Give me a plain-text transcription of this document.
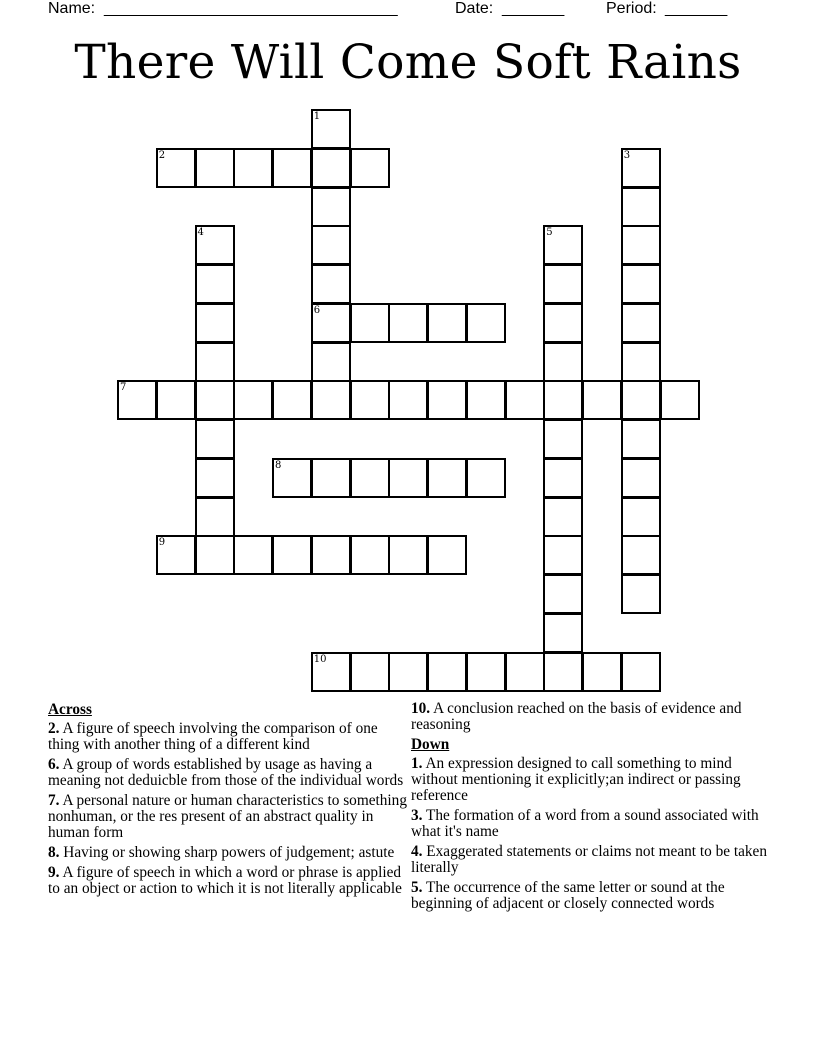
Name: _________________________________	Date: _______	Period: _______
There Will Come Soft Rains
1
6
2	3
4	5
7
8
9
10
Across
2. A figure of speech involving the comparison of one thing with another thing of a different kind
6. A group of words established by usage as having a meaning not deduicble from those of the individual words
7. A personal nature or human characteristics to something nonhuman, or the res present of an abstract quality in human form
8. Having or showing sharp powers of judgement; astute
9. A figure of speech in which a word or phrase is applied to an object or action to which it is not literally applicable
10. A conclusion reached on the basis of evidence and reasoning
Down
1. An expression designed to call something to mind without mentioning it explicitly;an indirect or passing reference
3. The formation of a word from a sound associated with what it's name
4. Exaggerated statements or claims not meant to be taken literally
5. The occurrence of the same letter or sound at the beginning of adjacent or closely connected words
